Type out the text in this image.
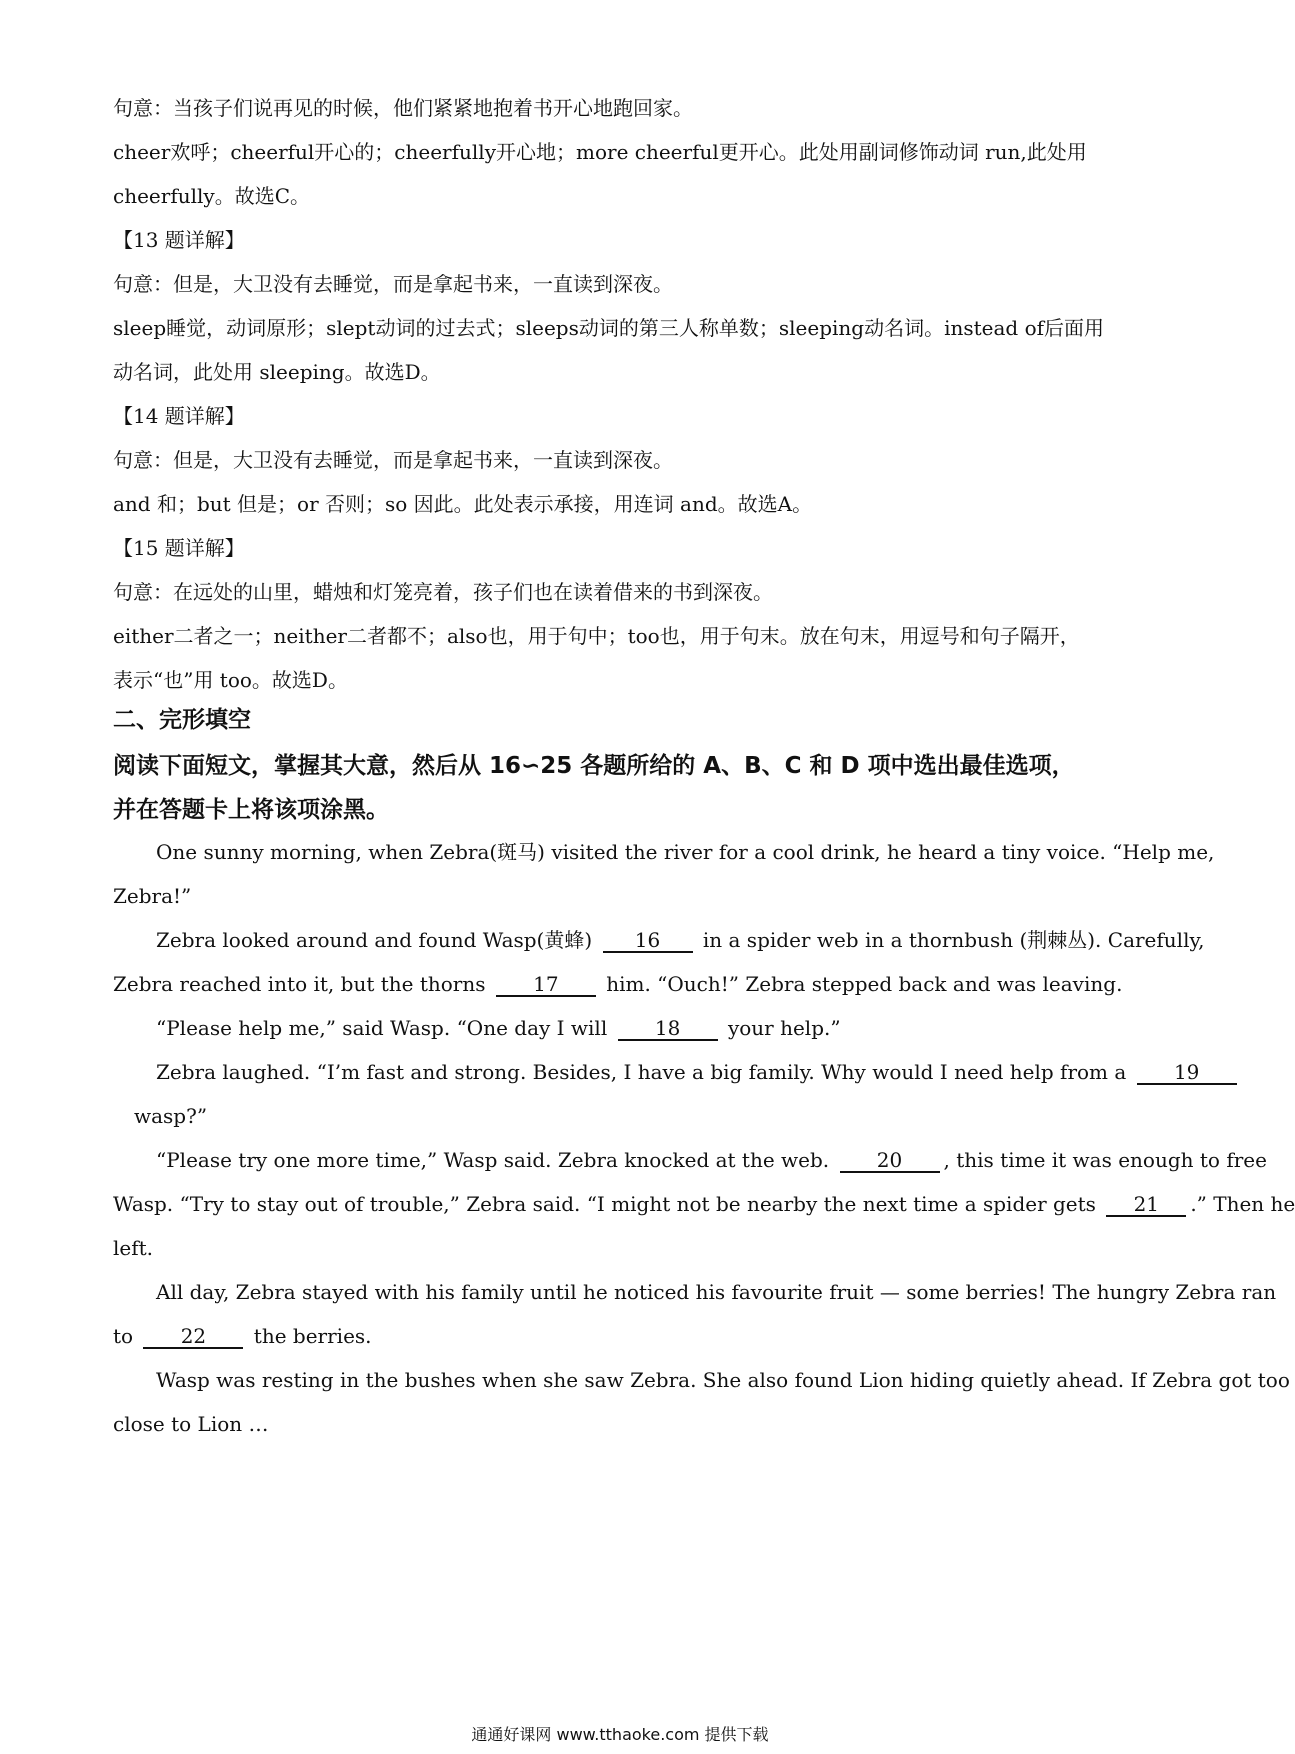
句意：当孩子们说再见的时候，他们紧紧地抱着书开心地跑回家。
cheer欢呼；cheerful开心的；cheerfully开心地；more cheerful更开心。此处用副词修饰动词 run,此处用
cheerfully。故选C。
【13 题详解】
句意：但是，大卫没有去睡觉，而是拿起书来，一直读到深夜。
sleep睡觉，动词原形；slept动词的过去式；sleeps动词的第三人称单数；sleeping动名词。instead of后面用
动名词，此处用 sleeping。故选D。
【14 题详解】
句意：但是，大卫没有去睡觉，而是拿起书来，一直读到深夜。
and 和；but 但是；or 否则；so 因此。此处表示承接，用连词 and。故选A。
【15 题详解】
句意：在远处的山里，蜡烛和灯笼亮着，孩子们也在读着借来的书到深夜。
either二者之一；neither二者都不；also也，用于句中；too也，用于句末。放在句末，用逗号和句子隔开，
表示“也”用 too。故选D。
二、完形填空
阅读下面短文，掌握其大意，然后从 16∽25 各题所给的 A、B、C 和 D 项中选出最佳选项，
并在答题卡上将该项涂黑。
One sunny morning, when Zebra(斑马) visited the river for a cool drink, he heard a tiny voice. “Help me,
Zebra!”
Zebra looked around and found Wasp(黄蜂) 16 in a spider web in a thornbush (荆棘丛). Carefully,
Zebra reached into it, but the thorns 17 him. “Ouch!” Zebra stepped back and was leaving.
“Please help me,” said Wasp. “One day I will 18 your help.”
Zebra laughed. “I’m fast and strong. Besides, I have a big family. Why would I need help from a 19
wasp?”
“Please try one more time,” Wasp said. Zebra knocked at the web. 20 , this time it was enough to free
Wasp. “Try to stay out of trouble,” Zebra said. “I might not be nearby the next time a spider gets 21 .” Then he
left.
All day, Zebra stayed with his family until he noticed his favourite fruit — some berries! The hungry Zebra ran
to 22 the berries.
Wasp was resting in the bushes when she saw Zebra. She also found Lion hiding quietly ahead. If Zebra got too
close to Lion …
通通好课网 www.tthaoke.com 提供下载
